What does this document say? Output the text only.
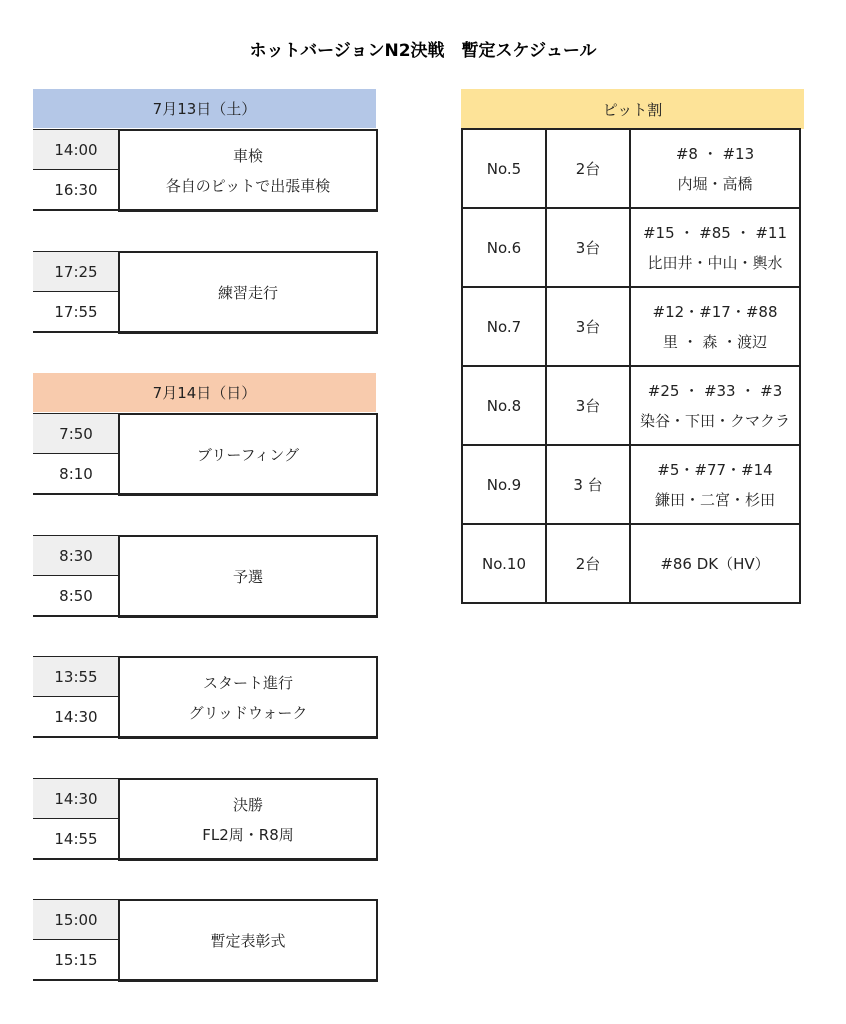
ホットバージョンN2決戦　暫定スケジュール
7月13日（土）
14:00
16:30
車検
各自のピットで出張車検
17:25
17:55
練習走行
7月14日（日）
7:50
8:10
ブリーフィング
8:30
8:50
予選
13:55
14:30
スタート進行
グリッドウォーク
14:30
14:55
決勝
FL2周・R8周
15:00
15:15
暫定表彰式
ピット割
No.5	2台	#8 ・ #13
内堀・高橋

No.6	3台	#15 ・ #85 ・ #11
比田井・中山・輿水

No.7	3台	#12・#17・#88
里 ・ 森 ・渡辺

No.8	3台	#25 ・ #33 ・ #3
染谷・下田・クマクラ

No.9	3 台	#5・#77・#14
鎌田・二宮・杉田

No.10	2台	#86 DK（HV）
